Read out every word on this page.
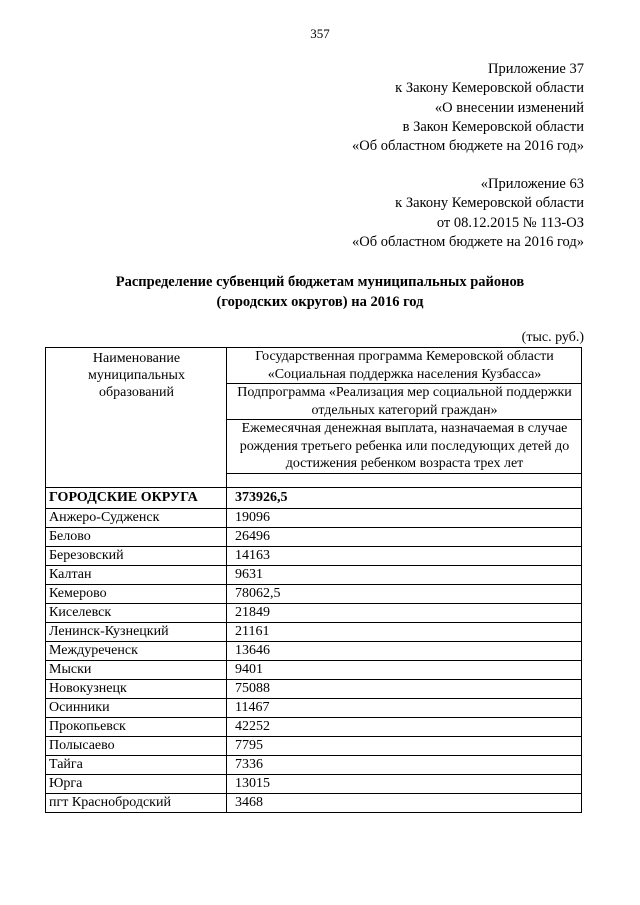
357
Приложение 37
к Закону Кемеровской области
«О внесении изменений
в Закон Кемеровской области
«Об областном бюджете на 2016 год»
«Приложение 63
к Закону Кемеровской области
от 08.12.2015 № 113-ОЗ
«Об областном бюджете на 2016 год»
Распределение субвенций бюджетам муниципальных районов
(городских округов) на 2016 год
(тыс. руб.)
Наименование муниципальных образований	Государственная программа Кемеровской области «Социальная поддержка населения Кузбасса»
	Подпрограмма «Реализация мер социальной поддержки отдельных категорий граждан»
	Ежемесячная денежная выплата, назначаемая в случае рождения третьего ребенка или последующих детей до достижения ребенком возраста трех лет

ГОРОДСКИЕ ОКРУГА	373926,5
Анжеро-Судженск	19096
Белово	26496
Березовский	14163
Калтан	9631
Кемерово	78062,5
Киселевск	21849
Ленинск-Кузнецкий	21161
Междуреченск	13646
Мыски	9401
Новокузнецк	75088
Осинники	11467
Прокопьевск	42252
Полысаево	7795
Тайга	7336
Юрга	13015
пгт Краснобродский	3468
